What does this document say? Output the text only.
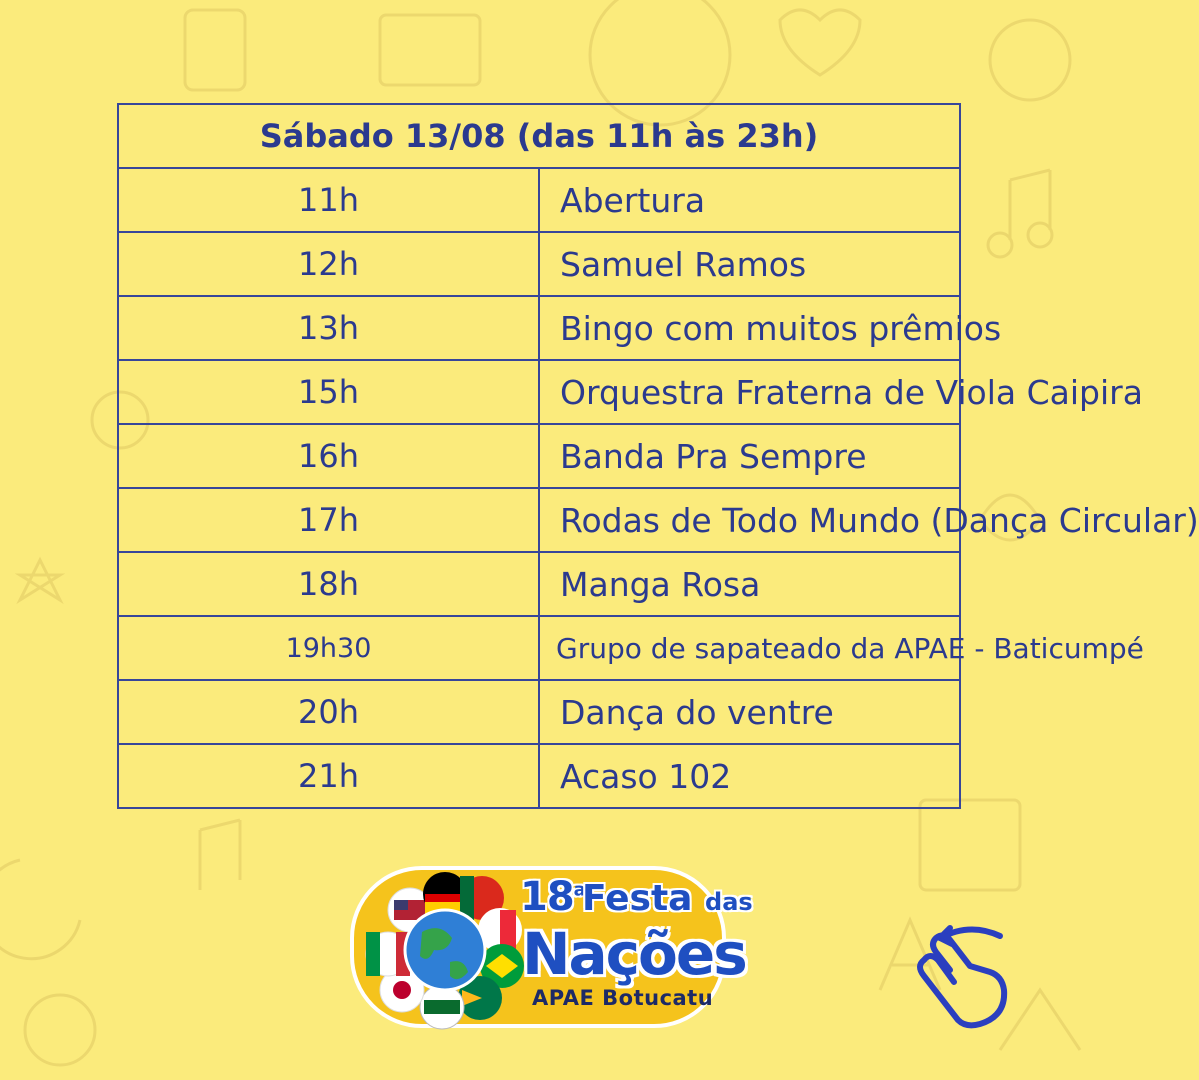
Sábado 13/08 (das 11h às 23h)	
11h	Abertura
12h	Samuel Ramos
13h	Bingo com muitos prêmios
15h	Orquestra Fraterna de Viola Caipira
16h	Banda Pra Sempre
17h	Rodas de Todo Mundo (Dança Circular)
18h	Manga Rosa
19h30	Grupo de sapateado da APAE - Baticumpé
20h	Dança do ventre
21h	Acaso 102
18$^a$
Festa das
Nações
APAE Botucatu
